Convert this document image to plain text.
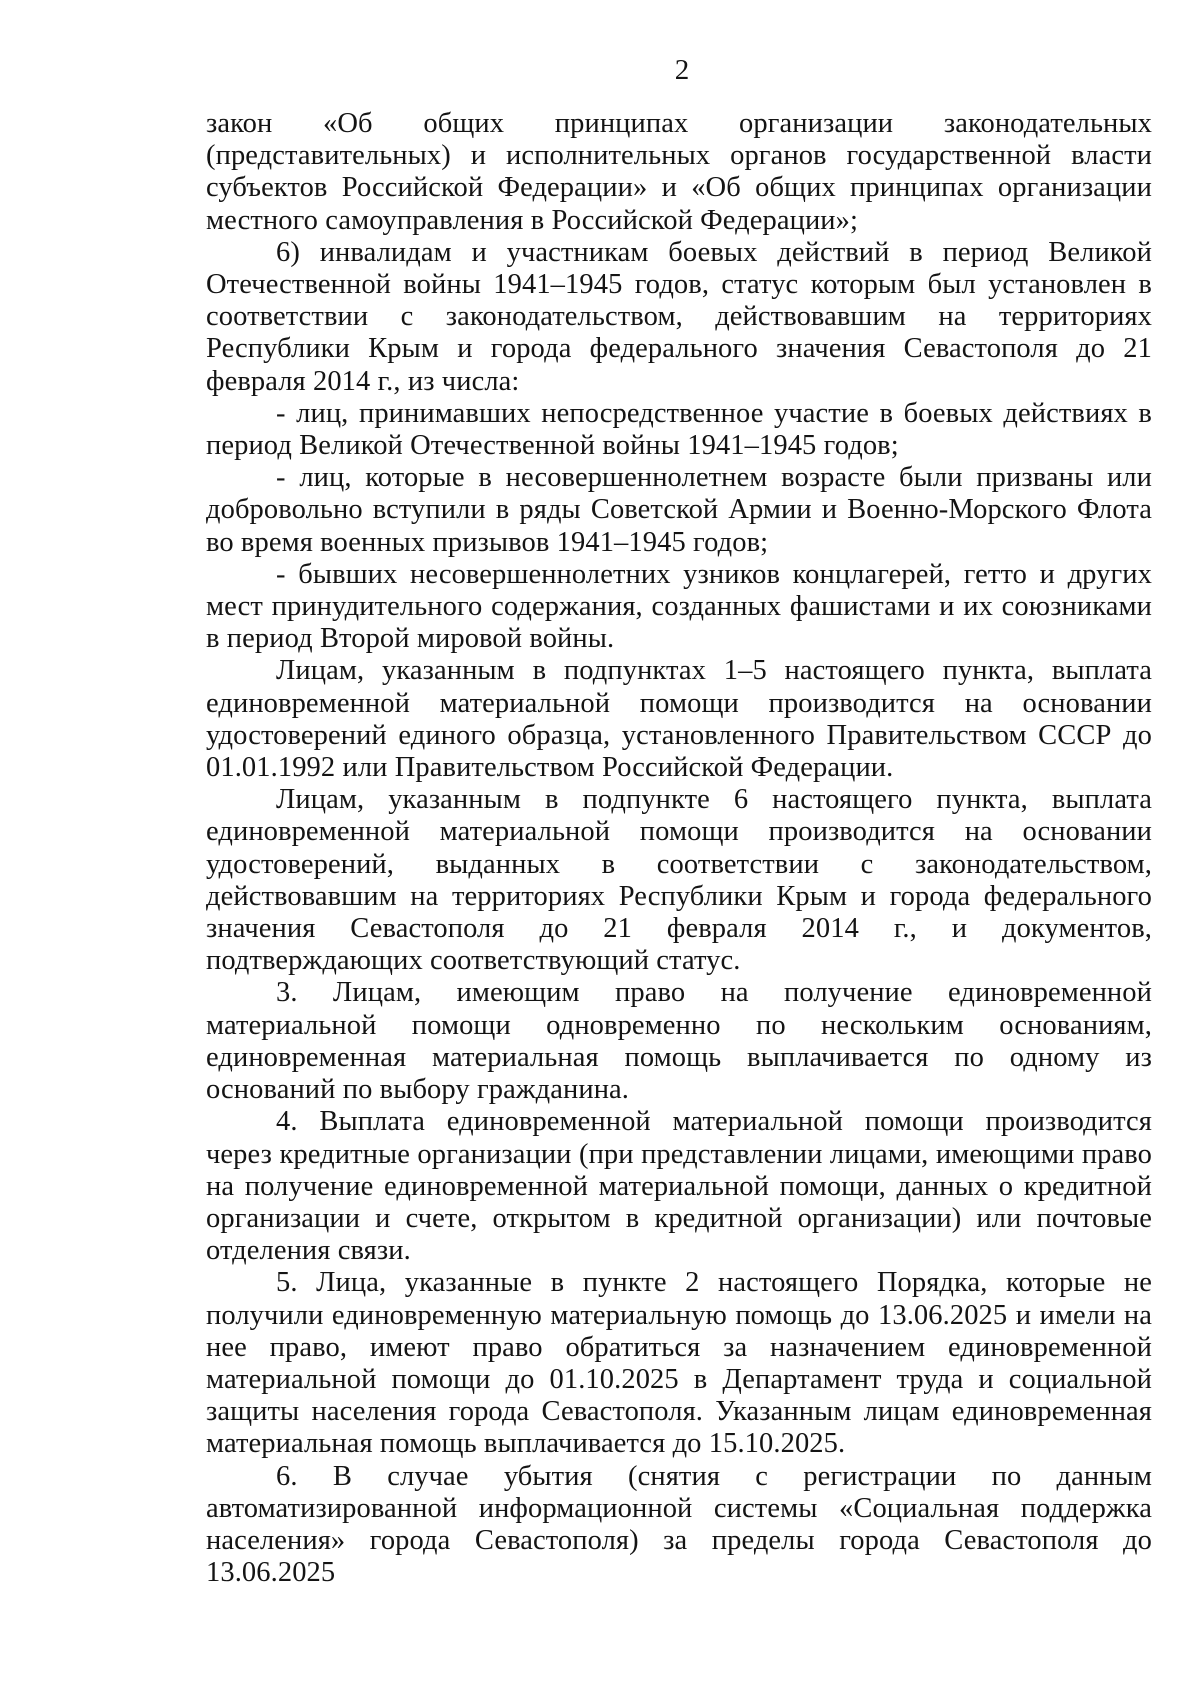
2

закон «Об общих принципах организации законодательных (представительных) и исполнительных органов государственной власти субъектов Российской Федерации» и «Об общих принципах организации местного самоуправления в Российской Федерации»;

6) инвалидам и участникам боевых действий в период Великой Отечественной войны 1941–1945 годов, статус которым был установлен в соответствии с законодательством, действовавшим на территориях Республики Крым и города федерального значения Севастополя до 21 февраля 2014 г., из числа:

- лиц, принимавших непосредственное участие в боевых действиях в период Великой Отечественной войны 1941–1945 годов;

- лиц, которые в несовершеннолетнем возрасте были призваны или добровольно вступили в ряды Советской Армии и Военно-Морского Флота во время военных призывов 1941–1945 годов;

- бывших несовершеннолетних узников концлагерей, гетто и других мест принудительного содержания, созданных фашистами и их союзниками в период Второй мировой войны.

Лицам, указанным в подпунктах 1–5 настоящего пункта, выплата единовременной материальной помощи производится на основании удостоверений единого образца, установленного Правительством СССР до 01.01.1992 или Правительством Российской Федерации.

Лицам, указанным в подпункте 6 настоящего пункта, выплата единовременной материальной помощи производится на основании удостоверений, выданных в соответствии с законодательством, действовавшим на территориях Республики Крым и города федерального значения Севастополя до 21 февраля 2014 г., и документов, подтверждающих соответствующий статус.

3. Лицам, имеющим право на получение единовременной материальной помощи одновременно по нескольким основаниям, единовременная материальная помощь выплачивается по одному из оснований по выбору гражданина.

4. Выплата единовременной материальной помощи производится через кредитные организации (при представлении лицами, имеющими право на получение единовременной материальной помощи, данных о кредитной организации и счете, открытом в кредитной организации) или почтовые отделения связи.

5. Лица, указанные в пункте 2 настоящего Порядка, которые не получили единовременную материальную помощь до 13.06.2025 и имели на нее право, имеют право обратиться за назначением единовременной материальной помощи до 01.10.2025 в Департамент труда и социальной защиты населения города Севастополя. Указанным лицам единовременная материальная помощь выплачивается до 15.10.2025.

6. В случае убытия (снятия с регистрации по данным автоматизированной информационной системы «Социальная поддержка населения» города Севастополя) за пределы города Севастополя до 13.06.2025
